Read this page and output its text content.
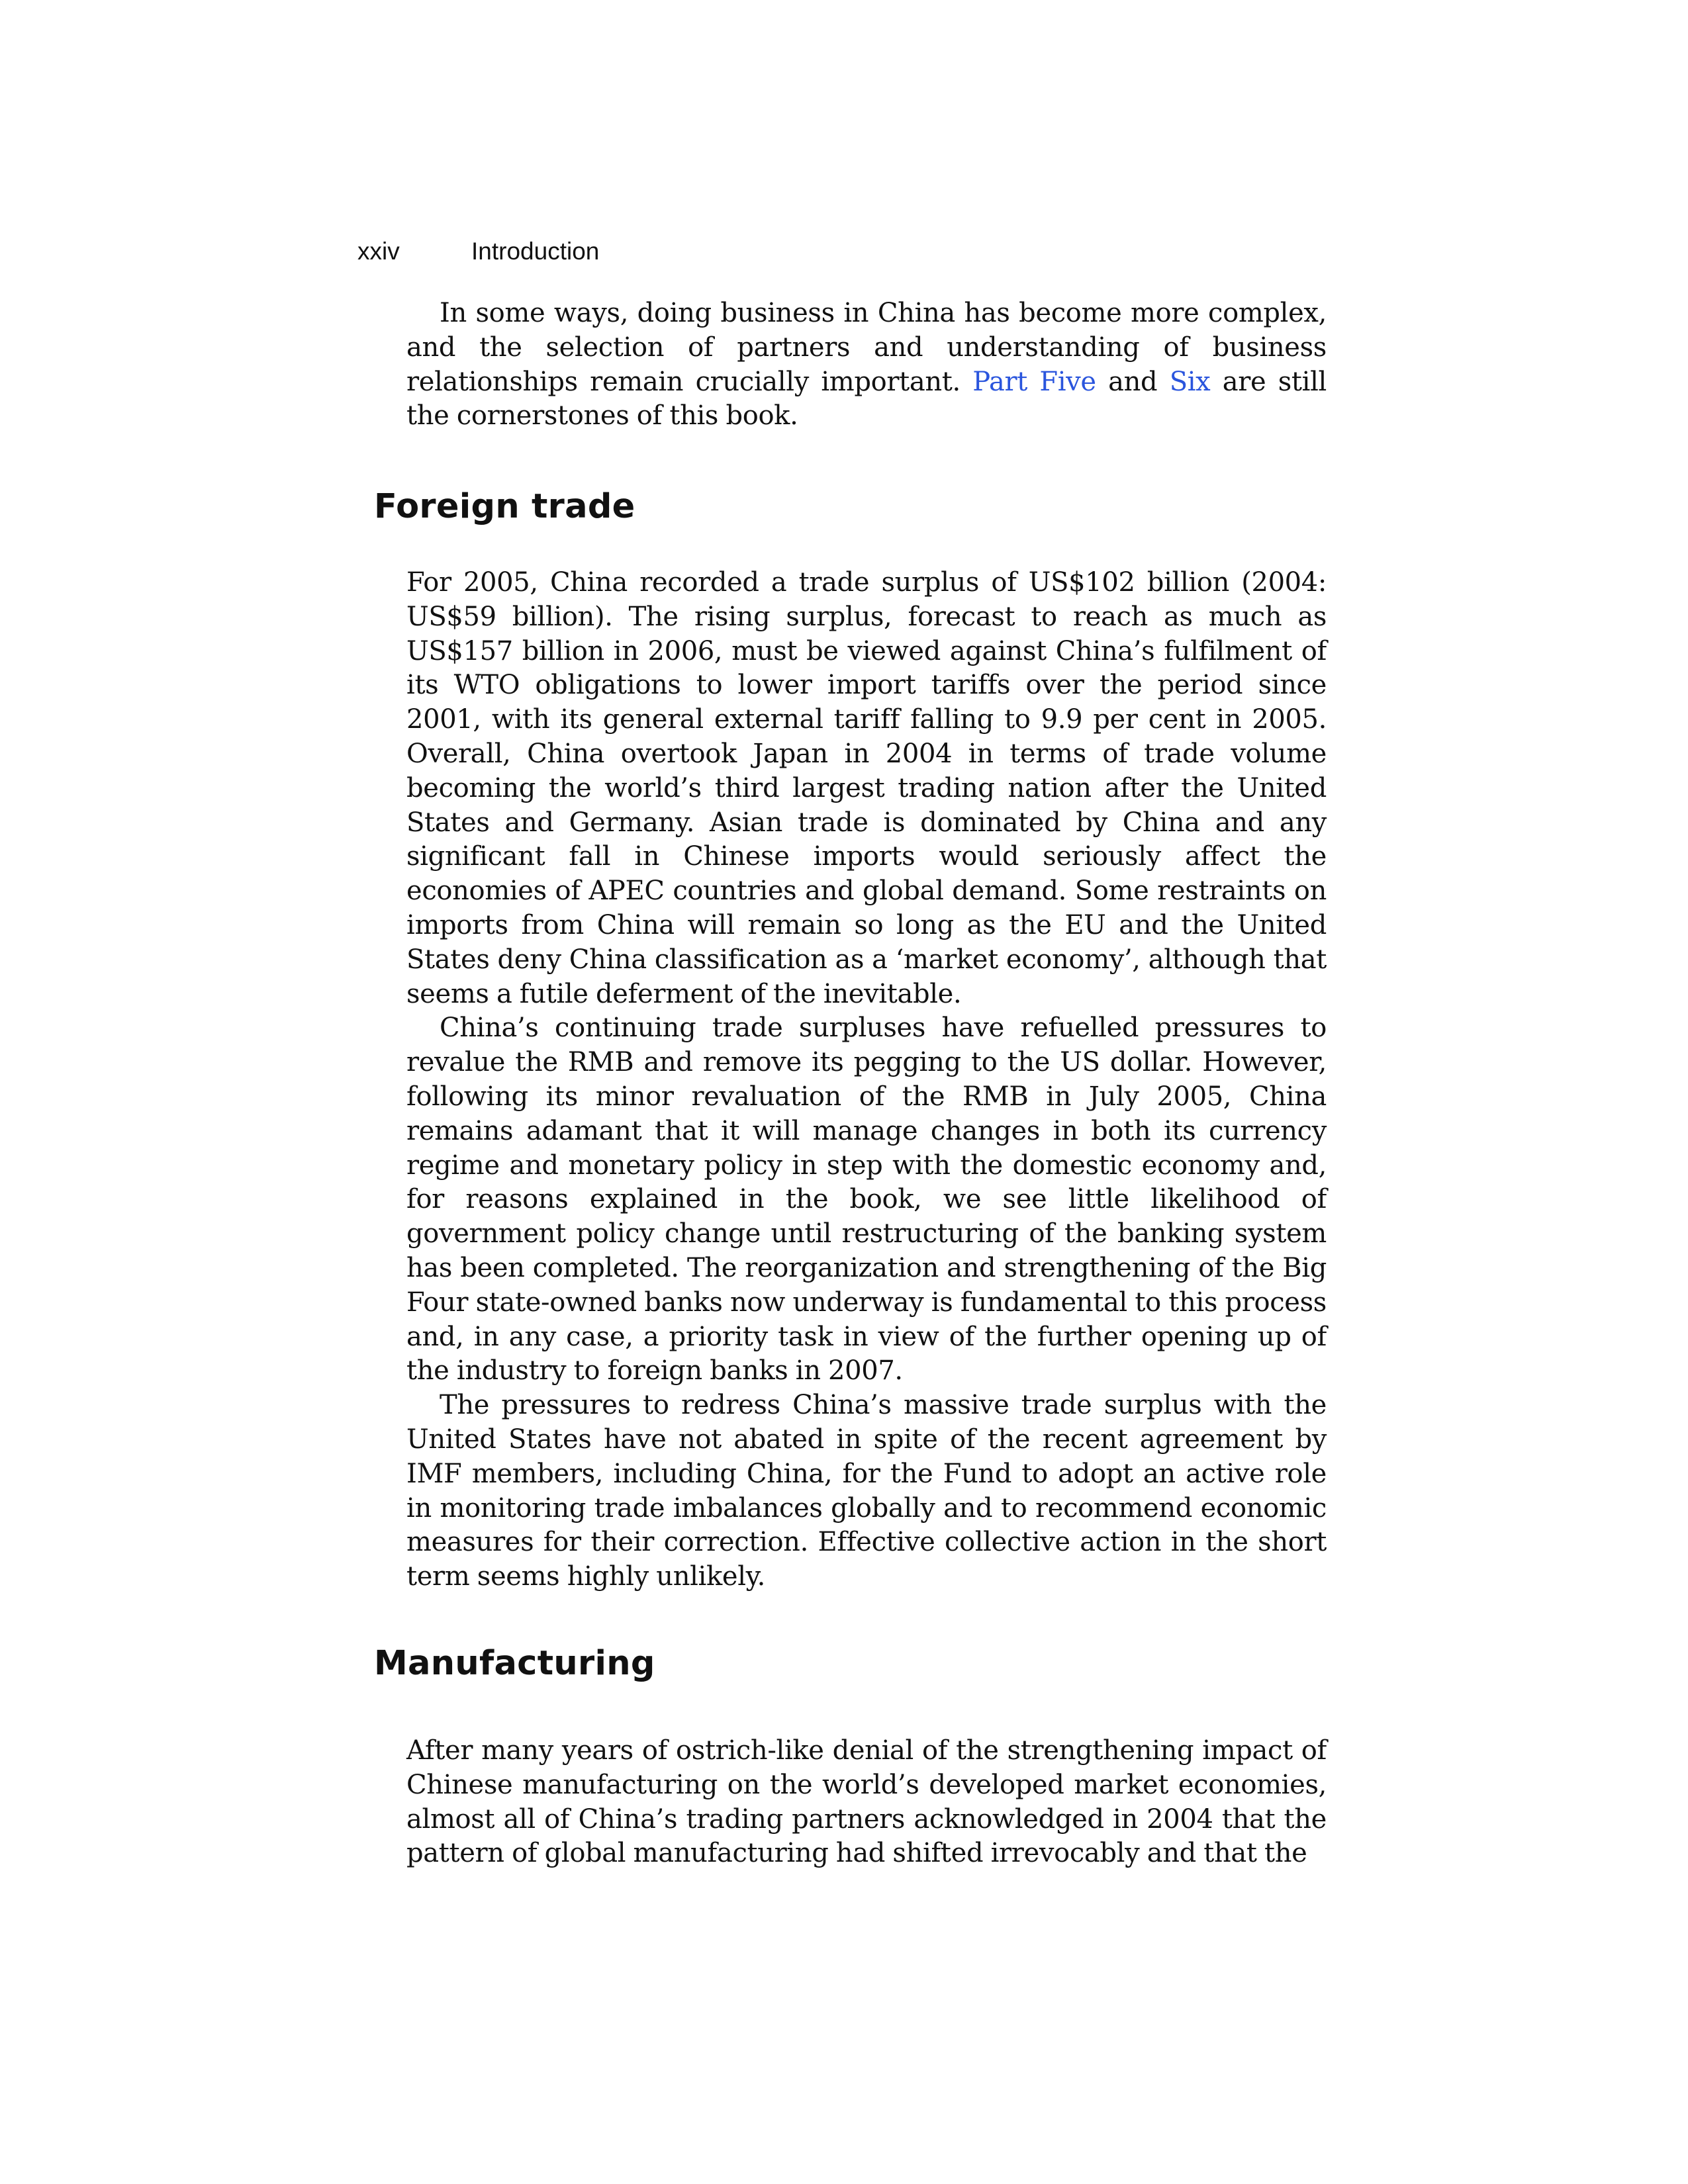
xxiv	Introduction

In some ways, doing business in China has become more complex, and the selection of partners and understanding of business relationships remain crucially important. Part Five and Six are still the cornerstones of this book.

Foreign trade

For 2005, China recorded a trade surplus of US$102 billion (2004: US$59 billion). The rising surplus, forecast to reach as much as US$157 billion in 2006, must be viewed against China’s fulfilment of its WTO obligations to lower import tariffs over the period since 2001, with its general external tariff falling to 9.9 per cent in 2005. Overall, China overtook Japan in 2004 in terms of trade volume becoming the world’s third largest trading nation after the United States and Germany. Asian trade is dominated by China and any significant fall in Chinese imports would seriously affect the economies of APEC countries and global demand. Some restraints on imports from China will remain so long as the EU and the United States deny China classification as a ‘market economy’, although that seems a futile deferment of the inevitable.

China’s continuing trade surpluses have refuelled pressures to revalue the RMB and remove its pegging to the US dollar. However, following its minor revaluation of the RMB in July 2005, China remains adamant that it will manage changes in both its currency regime and monetary policy in step with the domestic economy and, for reasons explained in the book, we see little likelihood of government policy change until restructuring of the banking system has been completed. The reorganization and strengthening of the Big Four state-owned banks now underway is fundamental to this process and, in any case, a priority task in view of the further opening up of the industry to foreign banks in 2007.

The pressures to redress China’s massive trade surplus with the United States have not abated in spite of the recent agreement by IMF members, including China, for the Fund to adopt an active role in monitoring trade imbalances globally and to recommend economic measures for their correction. Effective collective action in the short term seems highly unlikely.

Manufacturing

After many years of ostrich-like denial of the strengthening impact of Chinese manufacturing on the world’s developed market economies, almost all of China’s trading partners acknowledged in 2004 that the pattern of global manufacturing had shifted irrevocably and that the
